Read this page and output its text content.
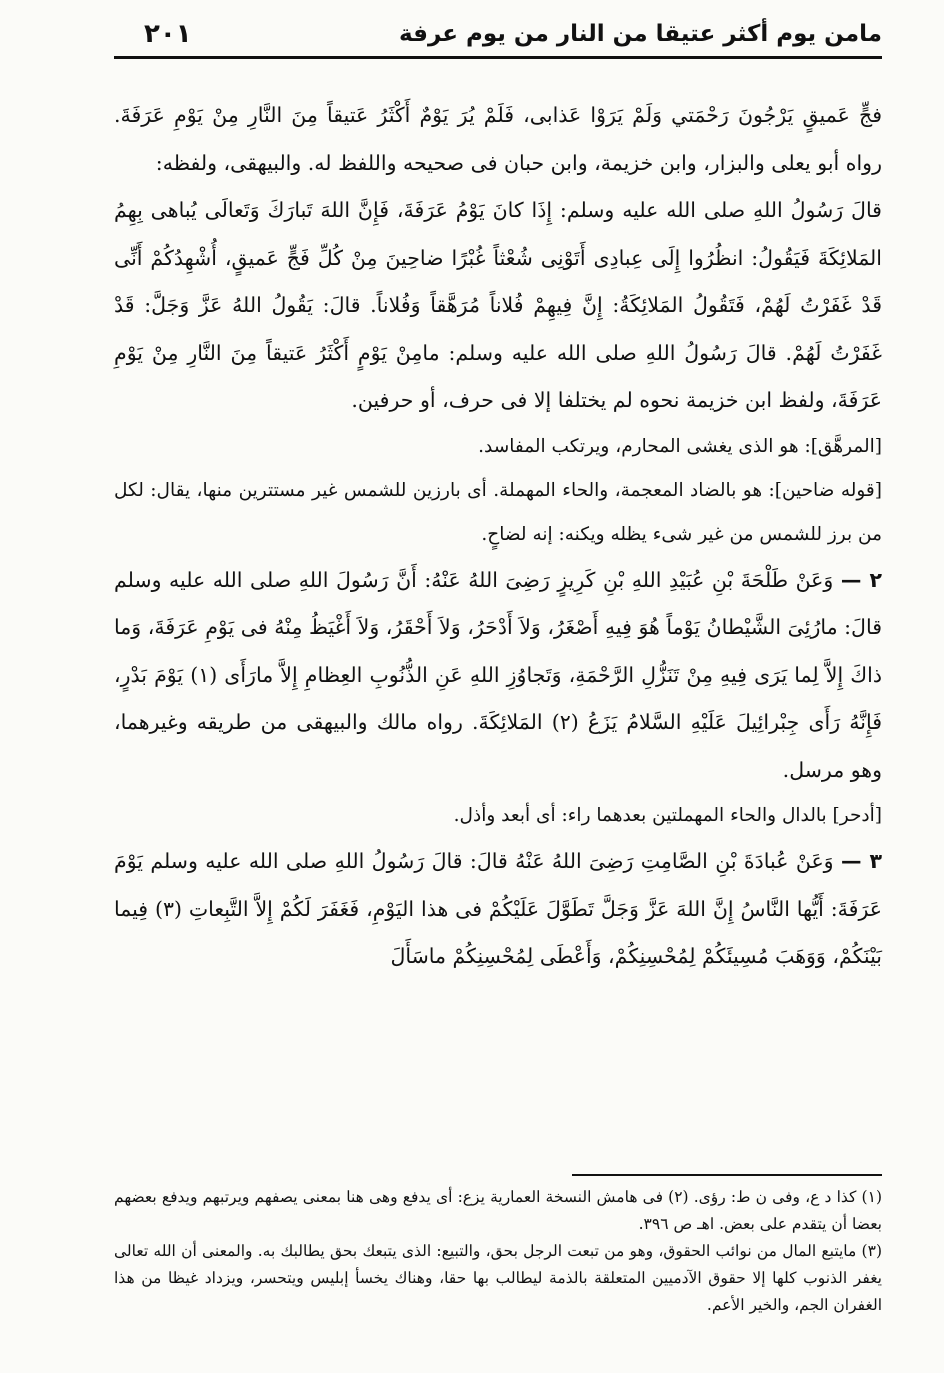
مامن يوم أكثر عتيقا من النار من يوم عرفة
٢٠١

فجٍّ عَميقٍ يَرْجُونَ رَحْمَتي وَلَمْ يَرَوْا عَذابى، فَلَمْ يُرَ يَوْمٌ أَكْثَرُ عَتيقاً مِنَ النَّارِ مِنْ يَوْمِ عَرَفَةَ. رواه أبو يعلى والبزار، وابن خزيمة، وابن حبان فى صحيحه واللفظ له. والبيهقى، ولفظه:

قالَ رَسُولُ اللهِ صلى الله عليه وسلم: إِذَا كانَ يَوْمُ عَرَفَةَ، فَإِنَّ اللهَ تَبارَكَ وَتَعالَى يُباهى بِهِمُ المَلائِكَةَ فَيَقُولُ: انظُرُوا إِلَى عِبادِى أَتَوْنِى شُعْثاً غُبْرًا ضاحِينَ مِنْ كُلِّ فَجٍّ عَميقٍ، أُشْهِدُكُمْ أَنِّى قَدْ غَفَرْتُ لَهُمْ، فَتَقُولُ المَلائِكَةُ: إِنَّ فِيهِمْ فُلاناً مُرَهَّقاً وَفُلاناً. قالَ: يَقُولُ اللهُ عَزَّ وَجَلَّ: قَدْ غَفَرْتُ لَهُمْ. قالَ رَسُولُ اللهِ صلى الله عليه وسلم: مامِنْ يَوْمٍ أَكْثَرُ عَتيقاً مِنَ النَّارِ مِنْ يَوْمِ عَرَفَةَ، ولفظ ابن خزيمة نحوه لم يختلفا إلا فى حرف، أو حرفين.

[المرهَّق]: هو الذى يغشى المحارم، ويرتكب المفاسد.

[قوله ضاحين]: هو بالضاد المعجمة، والحاء المهملة. أى بارزين للشمس غير مستترين منها، يقال: لكل من برز للشمس من غير شىء يظله ويكنه: إنه لضاحٍ.

٢ — وَعَنْ طَلْحَةَ بْنِ عُبَيْدِ اللهِ بْنِ كَرِيزٍ رَضِىَ اللهُ عَنْهُ: أَنَّ رَسُولَ اللهِ صلى الله عليه وسلم قالَ: مارُئِىَ الشَّيْطانُ يَوْماً هُوَ فِيهِ أَصْغَرُ، وَلاَ أَدْحَرُ، وَلاَ أَحْقَرُ، وَلاَ أَغْيَظُ مِنْهُ فى يَوْمِ عَرَفَةَ، وَما ذاكَ إِلاَّ لِما يَرَى فِيهِ مِنْ تَنَزُّلِ الرَّحْمَةِ، وَتَجاوُزِ اللهِ عَنِ الذُّنُوبِ العِظامِ إِلاَّ مارَأَى (١) يَوْمَ بَدْرٍ، فَإِنَّهُ رَأَى جِبْرائِيلَ عَلَيْهِ السَّلامُ يَزَعُ (٢) المَلائِكَةَ. رواه مالك والبيهقى من طريقه وغيرهما، وهو مرسل.

[أدحر] بالدال والحاء المهملتين بعدهما راء: أى أبعد وأذل.

٣ — وَعَنْ عُبادَةَ بْنِ الصَّامِتِ رَضِىَ اللهُ عَنْهُ قالَ: قالَ رَسُولُ اللهِ صلى الله عليه وسلم يَوْمَ عَرَفَةَ: أَيُّها النَّاسُ إِنَّ اللهَ عَزَّ وَجَلَّ تَطَوَّلَ عَلَيْكُمْ فى هذا اليَوْمِ، فَغَفَرَ لَكُمْ إِلاَّ التَّبِعاتِ (٣) فِيما بَيْنَكُمْ، وَوَهَبَ مُسِيئَكُمْ لِمُحْسِنِكُمْ، وَأَعْطَى لِمُحْسِنِكُمْ ماسَأَلَ

(١) كذا د ع، وفى ن ط: رؤى. (٢) فى هامش النسخة العمارية يزع: أى يدفع وهى هنا بمعنى يصفهم ويرتبهم ويدفع بعضهم بعضا أن يتقدم على بعض. اهـ ص ٣٩٦.

(٣) مايتبع المال من نوائب الحقوق، وهو من تبعت الرجل بحق، والتبيع: الذى يتبعك بحق يطالبك به. والمعنى أن الله تعالى يغفر الذنوب كلها إلا حقوق الآدميين المتعلقة بالذمة ليطالب بها حقا، وهناك يخسأ إبليس ويتحسر، ويزداد غيظا من هذا الغفران الجم، والخير الأعم.
